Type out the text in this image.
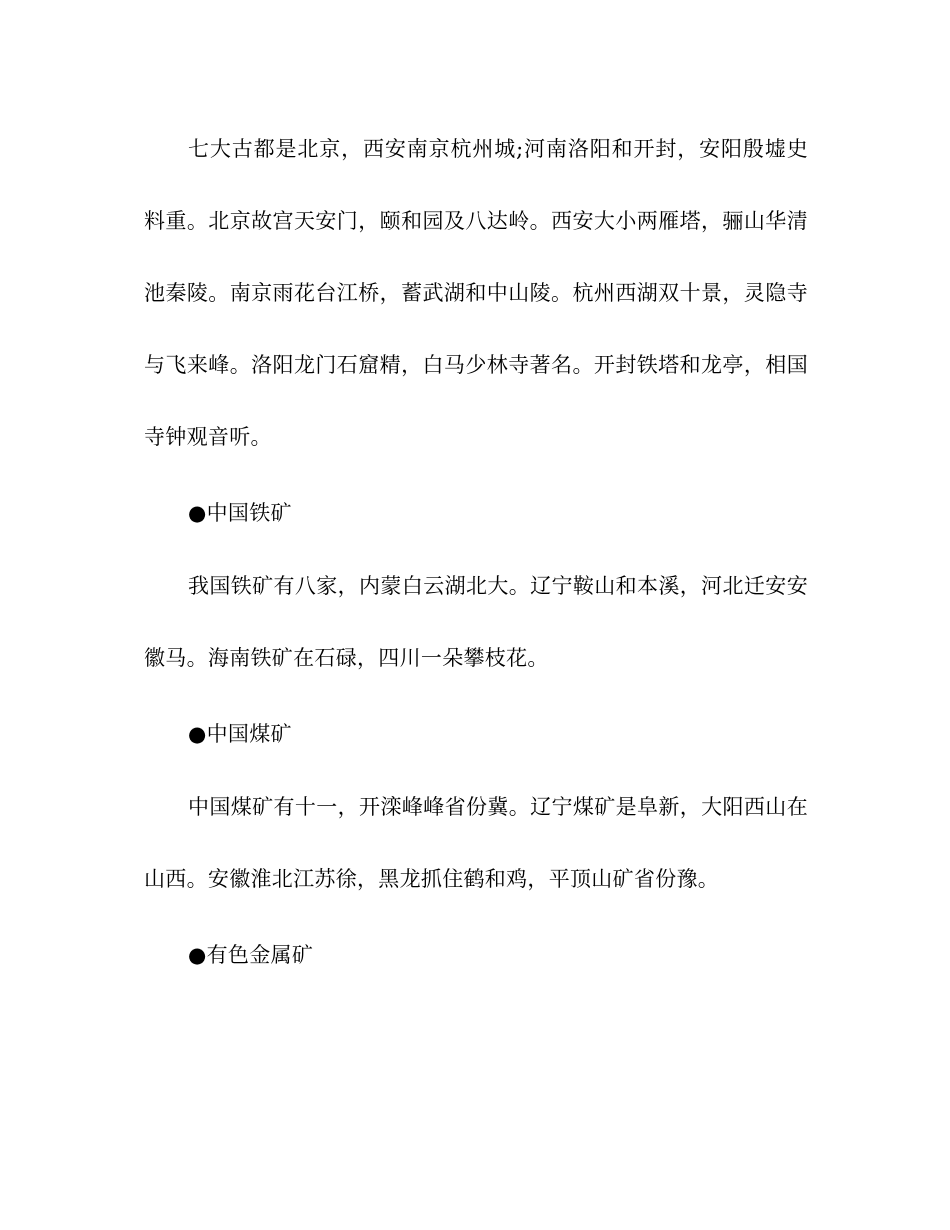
七大古都是北京，西安南京杭州城;河南洛阳和开封，安阳殷墟史料重。北京故宫天安门，颐和园及八达岭。西安大小两雁塔，骊山华清池秦陵。南京雨花台江桥，蓄武湖和中山陵。杭州西湖双十景，灵隐寺与飞来峰。洛阳龙门石窟精，白马少林寺著名。开封铁塔和龙亭，相国寺钟观音听。

●中国铁矿

我国铁矿有八家，内蒙白云湖北大。辽宁鞍山和本溪，河北迁安安徽马。海南铁矿在石碌，四川一朵攀枝花。

●中国煤矿

中国煤矿有十一，开滦峰峰省份冀。辽宁煤矿是阜新，大阳西山在山西。安徽淮北江苏徐，黑龙抓住鹤和鸡，平顶山矿省份豫。

●有色金属矿
